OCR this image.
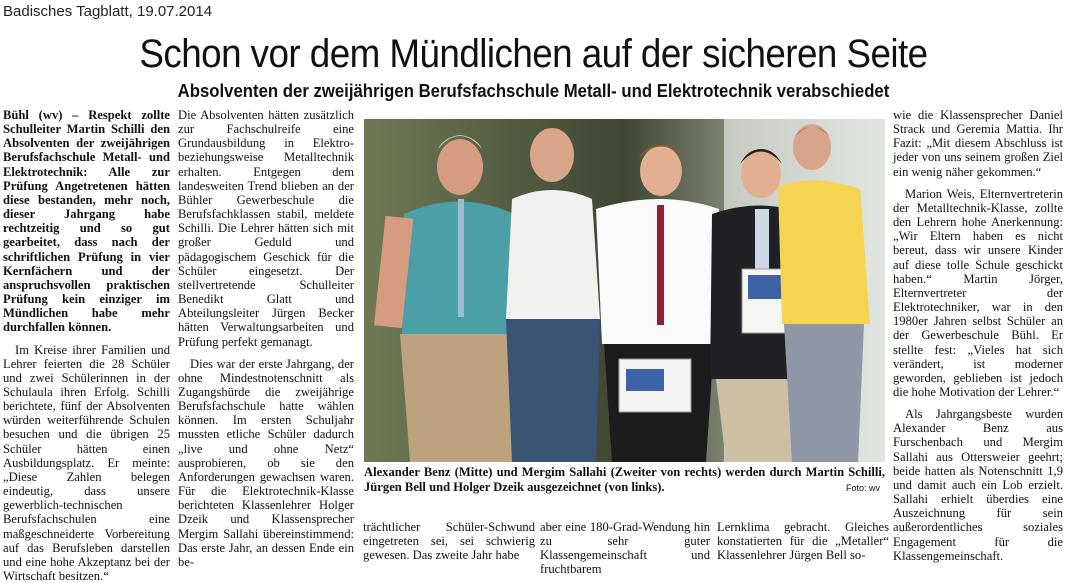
Badisches Tagblatt, 19.07.2014
Schon vor dem Mündlichen auf der sicheren Seite
Absolventen der zweijährigen Berufsfachschule Metall- und Elektrotechnik verabschiedet

Bühl (wv) – Respekt zollte Schulleiter Martin Schilli den Absolventen der zweijährigen Berufsfachschule Metall- und Elektrotechnik: Alle zur Prüfung Angetretenen hätten diese bestanden, mehr noch, dieser Jahrgang habe rechtzeitig und so gut gearbeitet, dass nach der schriftlichen Prüfung in vier Kernfächern und der anspruchsvollen praktischen Prüfung kein einziger im Mündlichen habe mehr durchfallen können.

Im Kreise ihrer Familien und Lehrer feierten die 28 Schüler und zwei Schülerinnen in der Schulaula ihren Erfolg. Schilli berichtete, fünf der Absolventen würden weiterführende Schulen besuchen und die übrigen 25 Schüler hätten einen Ausbildungsplatz. Er meinte: „Diese Zahlen belegen eindeutig, dass unsere gewerblich-technischen Berufsfachschulen eine maßgeschneiderte Vorbereitung auf das Berufsleben darstellen und eine hohe Akzeptanz bei der Wirtschaft besitzen.“

Die Absolventen hätten zusätzlich zur Fachschulreife eine Grundausbildung in Elektro- beziehungsweise Metalltechnik erhalten. Entgegen dem landesweiten Trend blieben an der Bühler Gewerbeschule die Berufsfachklassen stabil, meldete Schilli. Die Lehrer hätten sich mit großer Geduld und pädagogischem Geschick für die Schüler eingesetzt. Der stellvertretende Schulleiter Benedikt Glatt und Abteilungsleiter Jürgen Becker hätten Verwaltungsarbeiten und Prüfung perfekt gemanagt.

Dies war der erste Jahrgang, der ohne Mindestnotenschnitt als Zugangshürde die zweijährige Berufsfachschule hatte wählen können. Im ersten Schuljahr mussten etliche Schüler dadurch „live und ohne Netz“ ausprobieren, ob sie den Anforderungen gewachsen waren. Für die Elektrotechnik-Klasse berichteten Klassenlehrer Holger Dzeik und Klassensprecher Mergim Sallahi übereinstimmend: Das erste Jahr, an dessen Ende ein be-

Alexander Benz (Mitte) und Mergim Sallahi (Zweiter von rechts) werden durch Martin Schilli, Jürgen Bell und Holger Dzeik ausgezeichnet (von links).	Foto: wv
trächtlicher Schüler-Schwund eingetreten sei, sei schwierig gewesen. Das zweite Jahr habe
aber eine 180-Grad-Wendung hin zu sehr guter Klassengemeinschaft und fruchtbarem
Lernklima gebracht. Gleiches konstatierten für die „Metaller“ Klassenlehrer Jürgen Bell so-

wie die Klassensprecher Daniel Strack und Geremia Mattia. Ihr Fazit: „Mit diesem Abschluss ist jeder von uns seinem großen Ziel ein wenig näher gekommen.“

Marion Weis, Elternvertreterin der Metalltechnik-Klasse, zollte den Lehrern hohe Anerkennung: „Wir Eltern haben es nicht bereut, dass wir unsere Kinder auf diese tolle Schule geschickt haben.“ Martin Jörger, Elternvertreter der Elektrotechniker, war in den 1980er Jahren selbst Schüler an der Gewerbeschule Bühl. Er stellte fest: „Vieles hat sich verändert, ist moderner geworden, geblieben ist jedoch die hohe Motivation der Lehrer.“

Als Jahrgangsbeste wurden Alexander Benz aus Furschenbach und Mergim Sallahi aus Ottersweier geehrt; beide hatten als Notenschnitt 1,9 und damit auch ein Lob erzielt. Sallahi erhielt überdies eine Auszeichnung für sein außerordentliches soziales Engagement für die Klassengemeinschaft.
